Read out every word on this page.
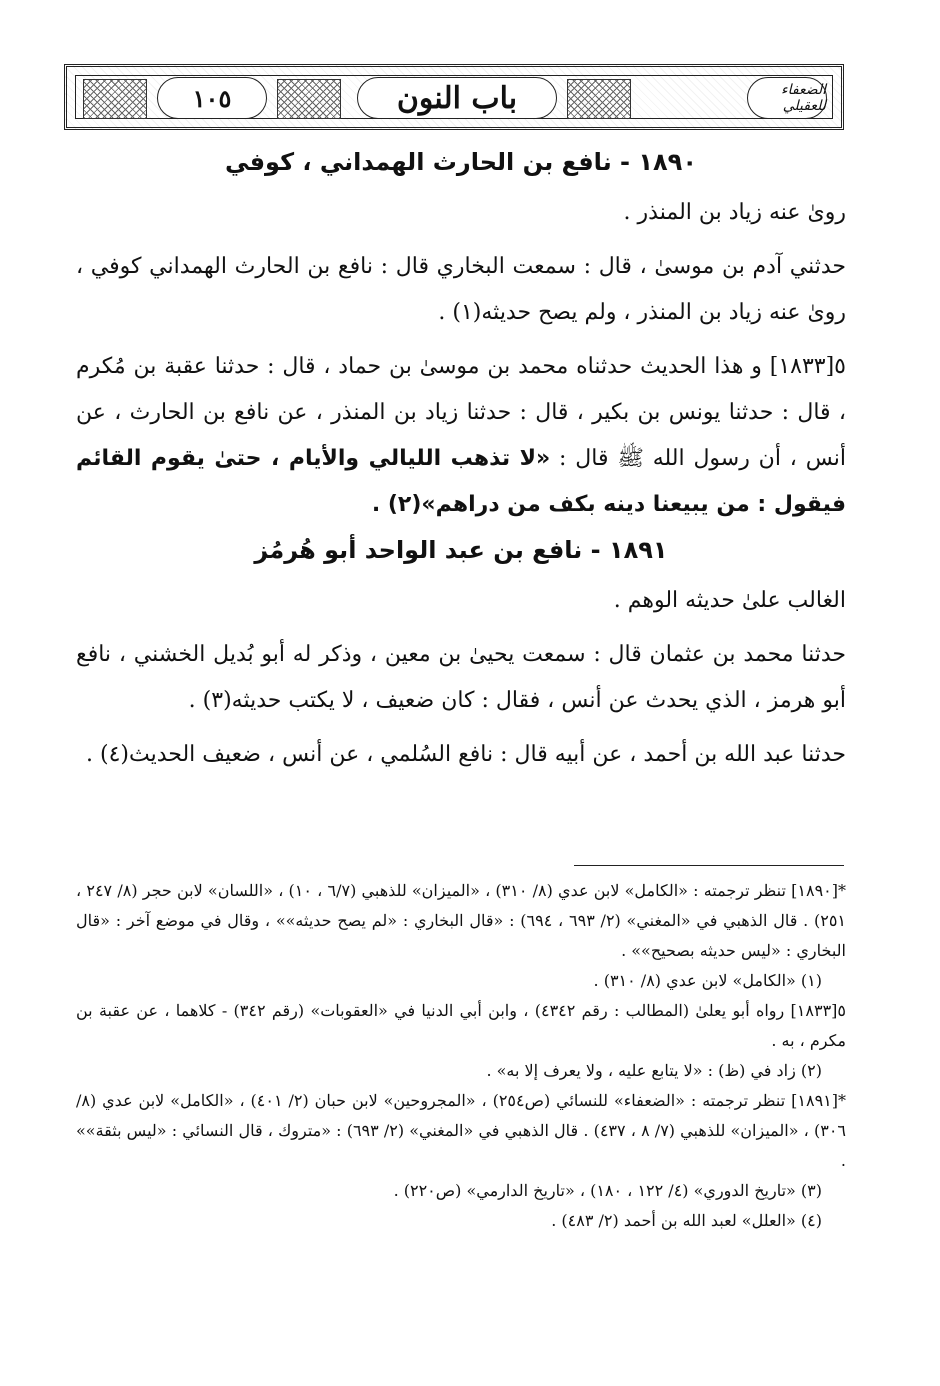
١٠٥	باب النون	الضعفاء للعقيلي
١٨٩٠ - نافع بن الحارث الهمداني ، كوفي

روىٰ عنه زياد بن المنذر .

حدثني آدم بن موسىٰ ، قال : سمعت البخاري قال : نافع بن الحارث الهمداني كوفي ، روىٰ عنه زياد بن المنذر ، ولم يصح حديثه(١) .

٥[١٨٣٣] و هذا الحديث حدثناه محمد بن موسىٰ بن حماد ، قال : حدثنا عقبة بن مُكرم ، قال : حدثنا يونس بن بكير ، قال : حدثنا زياد بن المنذر ، عن نافع بن الحارث ، عن أنس ، أن رسول الله ﷺ قال : «لا تذهب الليالي والأيام ، حتىٰ يقوم القائم فيقول : من يبيعنا دينه بكف من دراهم»(٢) .

١٨٩١ - نافع بن عبد الواحد أبو هُرمُز

الغالب علىٰ حديثه الوهم .

حدثنا محمد بن عثمان قال : سمعت يحيىٰ بن معين ، وذكر له أبو بُديل الخشني ، نافع أبو هرمز ، الذي يحدث عن أنس ، فقال : كان ضعيف ، لا يكتب حديثه(٣) .

حدثنا عبد الله بن أحمد ، عن أبيه قال : نافع السُلمي ، عن أنس ، ضعيف الحديث(٤) .

*[١٨٩٠] تنظر ترجمته : «الكامل» لابن عدي (٨/ ٣١٠) ، «الميزان» للذهبي (٦/٧ ، ١٠) ، «اللسان» لابن حجر (٨/ ٢٤٧ ، ٢٥١) . قال الذهبي في «المغني» (٢/ ٦٩٣ ، ٦٩٤) : «قال البخاري : «لم يصح حديثه»» ، وقال في موضع آخر : «قال البخاري : «ليس حديثه بصحيح»» .

(١) «الكامل» لابن عدي (٨/ ٣١٠) .

٥[١٨٣٣] رواه أبو يعلىٰ (المطالب : رقم ٤٣٤٢) ، وابن أبي الدنيا في «العقوبات» (رقم ٣٤٢) - كلاهما ، عن عقبة بن مكرم ، به .

(٢) زاد في (ظ) : «لا يتابع عليه ، ولا يعرف إلا به» .

*[١٨٩١] تنظر ترجمته : «الضعفاء» للنسائي (ص٢٥٤) ، «المجروحين» لابن حبان (٢/ ٤٠١) ، «الكامل» لابن عدي (٨/ ٣٠٦) ، «الميزان» للذهبي (٧/ ٨ ، ٤٣٧) . قال الذهبي في «المغني» (٢/ ٦٩٣) : «متروك ، قال النسائي : «ليس بثقة»» .

(٣) «تاريخ الدوري» (٤/ ١٢٢ ، ١٨٠) ، «تاريخ الدارمي» (ص٢٢٠) .

(٤) «العلل» لعبد الله بن أحمد (٢/ ٤٨٣) .
